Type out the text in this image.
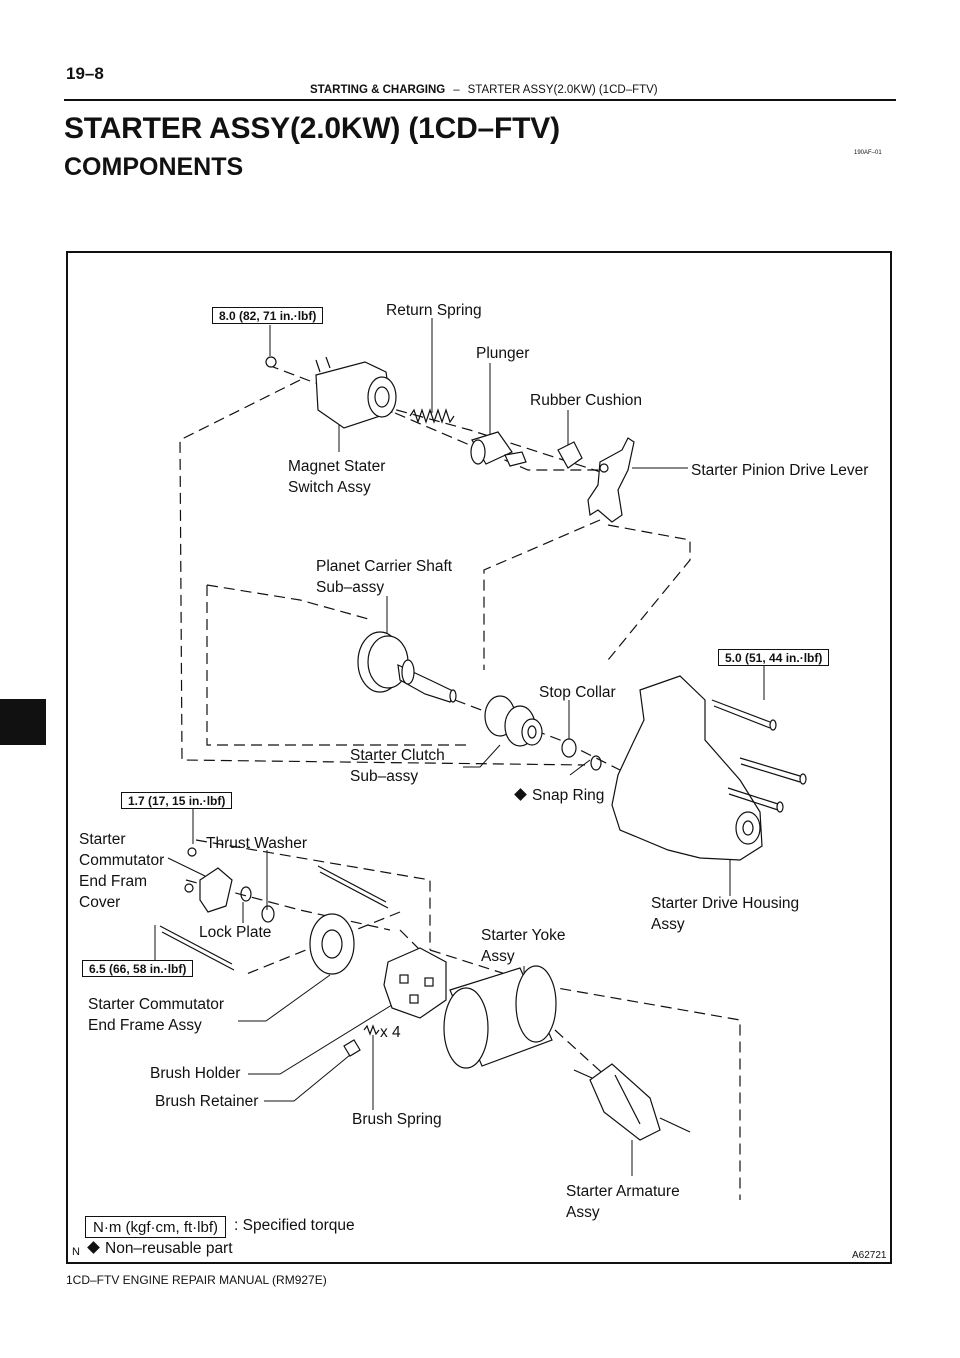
19–8
STARTING & CHARGING – STARTER ASSY(2.0KW) (1CD–FTV)
STARTER ASSY(2.0KW) (1CD–FTV)
COMPONENTS	190AF–01
8.0 (82, 71 in.·lbf)
5.0 (51, 44 in.·lbf)
1.7 (17, 15 in.·lbf)
6.5 (66, 58 in.·lbf)
Return Spring
Plunger
Rubber Cushion
Magnet Stater
Switch Assy
Starter Pinion Drive Lever
Planet Carrier Shaft
Sub–assy
Stop Collar
Starter Clutch
Sub–assy
Snap Ring
Starter
Commutator
End Fram
Cover
Thrust Washer
Lock Plate
Starter Drive Housing
Assy
Starter Yoke
Assy
Starter Commutator
End Frame Assy	x 4
Brush Holder
Brush Retainer
Brush Spring
Starter Armature
Assy
N·m (kgf·cm, ft·lbf)	: Specified torque
N	Non–reusable part	A62721
1CD–FTV ENGINE REPAIR MANUAL (RM927E)
